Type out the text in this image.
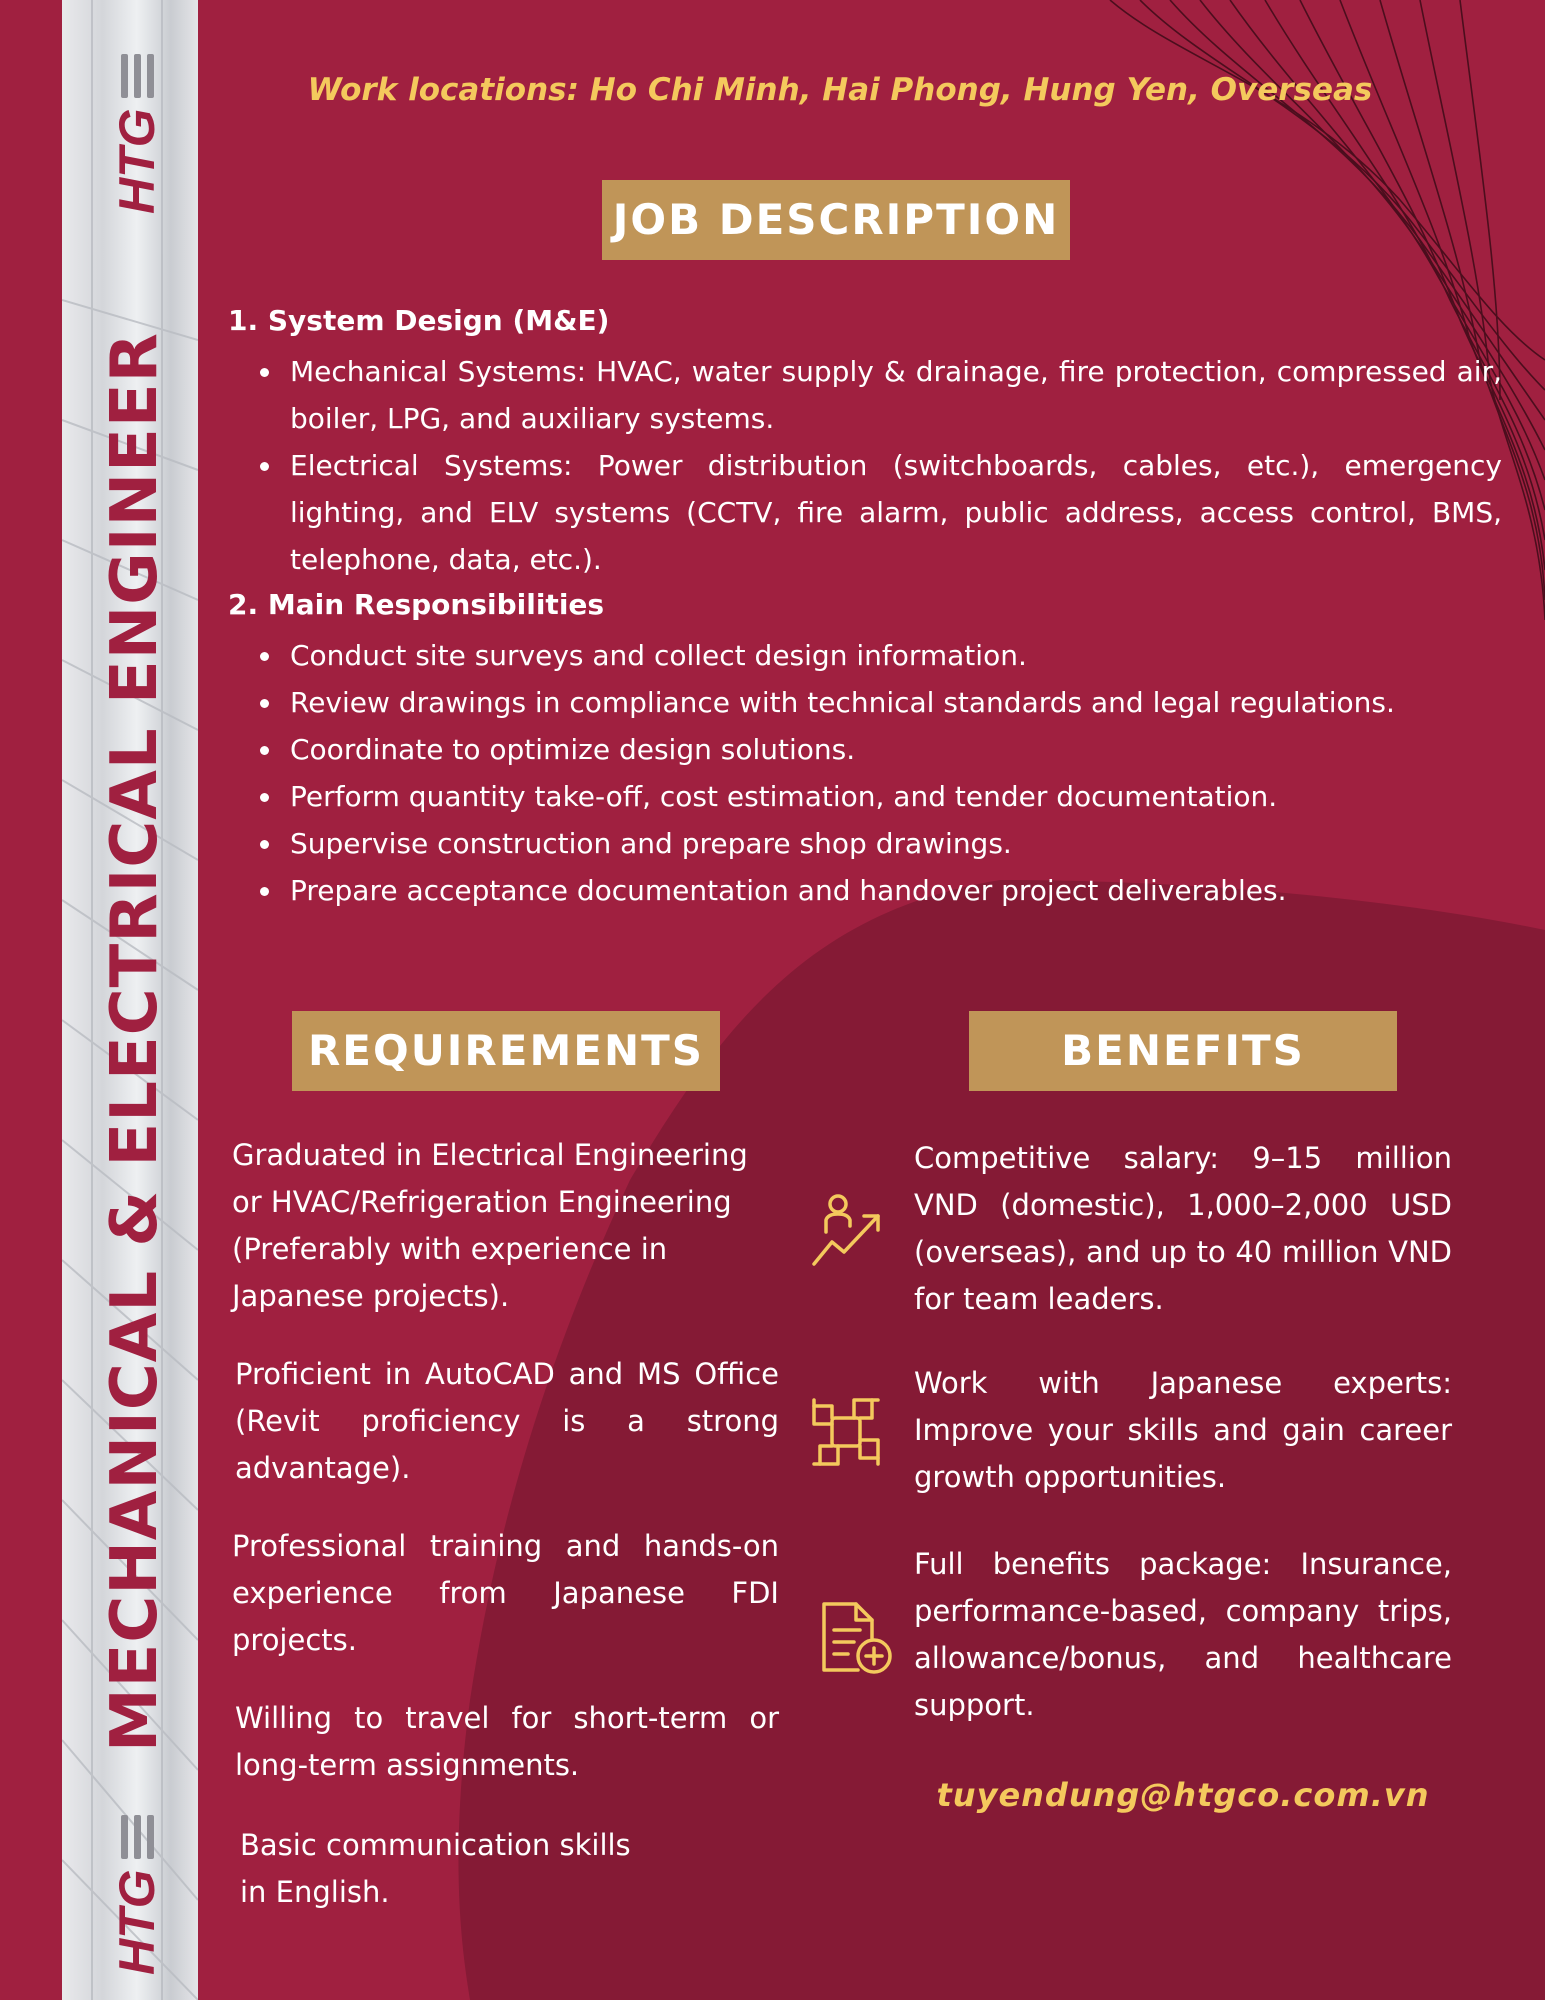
HTG
MECHANICAL & ELECTRICAL ENGINEER
HTG
Work locations: Ho Chi Minh, Hai Phong, Hung Yen, Overseas
JOB DESCRIPTION
1. System Design (M&E)
• Mechanical Systems: HVAC, water supply & drainage, fire protection, compressed air, boiler, LPG, and auxiliary systems.
• Electrical Systems: Power distribution (switchboards, cables, etc.), emergency lighting, and ELV systems (CCTV, fire alarm, public address, access control, BMS, telephone, data, etc.).
2. Main Responsibilities
• Conduct site surveys and collect design information.
• Review drawings in compliance with technical standards and legal regulations.
• Coordinate to optimize design solutions.
• Perform quantity take-off, cost estimation, and tender documentation.
• Supervise construction and prepare shop drawings.
• Prepare acceptance documentation and handover project deliverables.
REQUIREMENTS	BENEFITS
Graduated in Electrical Engineering or HVAC/Refrigeration Engineering (Preferably with experience in Japanese projects).
Proficient in AutoCAD and MS Office (Revit proficiency is a strong advantage).
Professional training and hands-on experience from Japanese FDI projects.
Willing to travel for short-term or long-term assignments.
Basic communication skills in English.
Competitive salary: 9–15 million VND (domestic), 1,000–2,000 USD (overseas), and up to 40 million VND for team leaders.
Work with Japanese experts: Improve your skills and gain career growth opportunities.
Full benefits package: Insurance, performance-based, company trips, allowance/bonus, and healthcare support.
tuyendung@htgco.com.vn
